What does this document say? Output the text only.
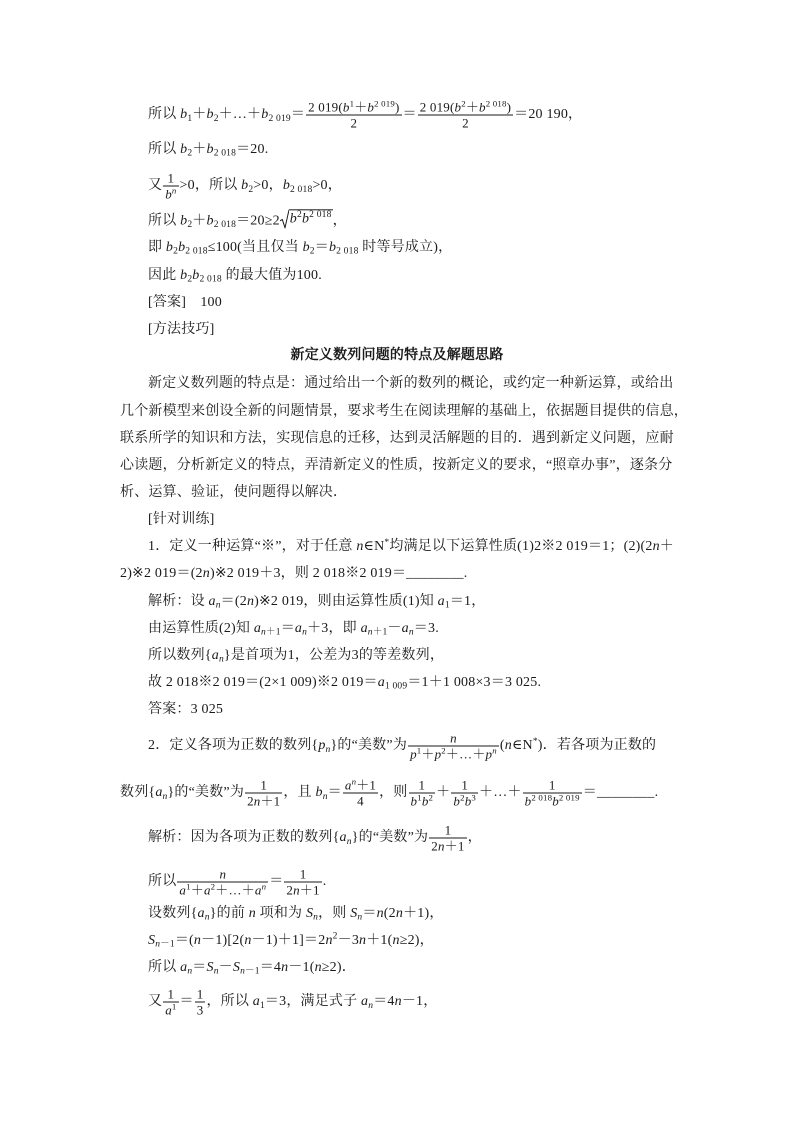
所以 $b_1+b_2+\dots+b_{2 019}= \frac{2 019(b^1+b^{2 019})}{2} = \frac{2 019(b^2+b^{2 018})}{2} =20$ 190，
所以 $b_2+b_{2 018}=20$.
又 $\frac{1}{b^n} >0$，所以 $b_2>0$，$b_{2 018}>0$，
所以 $b_2+b_{2 018}=20\ge 2$ $b^2b^{2 018}$ ，
即 $b_2b_{2 018}\le 100$(当且仅当 $b_2=b_{2 018}$ 时等号成立)，
因此 $b_2b_{2 018}$ 的最大值为100.
[答案]　100
[方法技巧]
新定义数列问题的特点及解题思路
新定义数列题的特点是：通过给出一个新的数列的概论，或约定一种新运算，或给出
几个新模型来创设全新的问题情景，要求考生在阅读理解的基础上，依据题目提供的信息，
联系所学的知识和方法，实现信息的迁移，达到灵活解题的目的．遇到新定义问题，应耐
心读题，分析新定义的特点，弄清新定义的性质，按新定义的要求，“照章办事”，逐条分
析、运算、验证，使问题得以解决．
[针对训练]
1．定义一种运算“※”，对于任意 n∈N*均满足以下运算性质(1)2※2 019＝1；(2)(2n＋
2)※2 019＝(2n)※2 019＋3，则 2 018※2 019＝________.
解析：设 $a_n=(2n)※2$ 019，则由运算性质(1)知 $a_1=1$，
由运算性质(2)知 $a_{n+1}=a_n+3$，即 $a_{n+1}-a_n=3$.
所以数列$\{a_n\}$是首项为1，公差为3的等差数列，
故 2 018※2 019＝(2×1 009)※2 $019=a_{1 009}=1+1$ 008×3＝3 025.
答案：3 025
2．定义各项为正数的数列$\{p_n\}$的“美数”为 $\frac{n}{p^1+p^2+\dots+p^n}$ (n∈N*)．若各项为正数的
数列$\{a_n\}$的“美数”为 $\frac{1}{2n+1}$ ，且 $b_n= \frac{a^n+1}{4}$ ，则 $\frac{1}{b^1b^2} + \frac{1}{b^2b^3}$ ＋…＋ $\frac{1}{b^{2 018}b^{2 019}}$ ＝________.
解析：因为各项为正数的数列$\{a_n\}$的“美数”为 $\frac{1}{2n+1}$ ，
所以 $\frac{n}{a^1+a^2+\dots+a^n} = \frac{1}{2n+1}$ .
设数列$\{a_n\}$的前 n 项和为 $S_n$，则 $S_n=n(2n+1)$，
$S_{n-1}=(n-1)[2(n-1)+1]=2n^2-3n+1(n\ge 2)$，
所以 $a_n=S_n-S_{n-1}=4n-1(n\ge 2)$．
又 $\frac{1}{a^1} = \frac{1}{3}$ ，所以 $a_1=3$，满足式子 $a_n=4n-1$，
